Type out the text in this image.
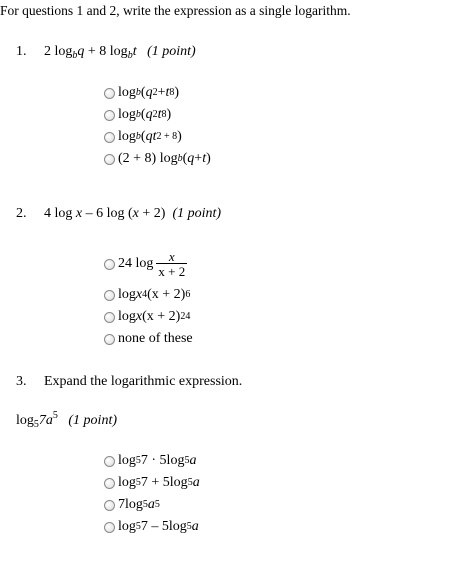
For questions 1 and 2, write the expression as a single logarithm.
1. 2 $\log_bq + 8$ $\log_bt$ (1 point)
log b ( q 2 + t 8 )
log b ( q 2 t 8 )
log b ( qt 2 + 8 )
(2 + 8) log b ( q + t )
2. 4 log x – 6 log (x + 2) (1 point)
24 $\log \frac{x}{x + 2}$
log x 4 (x + 2) 6
log x (x + 2) 24
none of these
3. Expand the logarithmic expression.
$\log_57a^5$ (1 point)
log 5 7 · 5log 5 a
log 5 7 + 5log 5 a
7log 5 a 5
log 5 7 – 5log 5 a
